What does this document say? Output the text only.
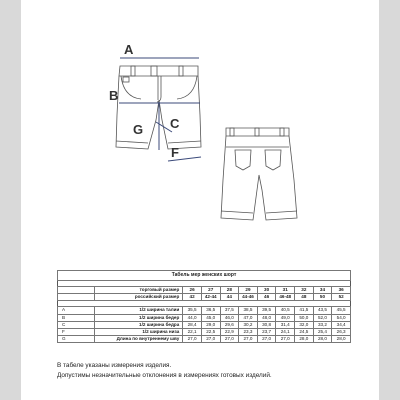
A
B
C
G
F
Табель мер женских шорт										

	торговый размер	26	27	28	29	30	31	32	34	36
	российский размер	42	42-44	44	44-46	46	46-48	48	50	52

A	1/2 ширина талии	35,5	36,5	37,5	38,5	39,5	40,5	41,5	43,5	45,5
B	1/2 ширина бедер	44,0	45,0	46,0	47,0	48,0	49,0	50,0	52,0	54,0
C	1/2 ширина бедра	28,4	29,0	29,6	30,2	30,8	31,4	32,0	33,2	34,4
F	1/2 ширина низа	22,1	22,5	22,9	23,3	23,7	24,1	24,5	25,4	26,3
G	Длина по внутреннему шву	27,0	27,0	27,0	27,0	27,0	27,0	28,0	28,0	28,0
В табеле указаны измерения изделия.
Допустимы незначительные отклонения в измерениях готовых изделий.
